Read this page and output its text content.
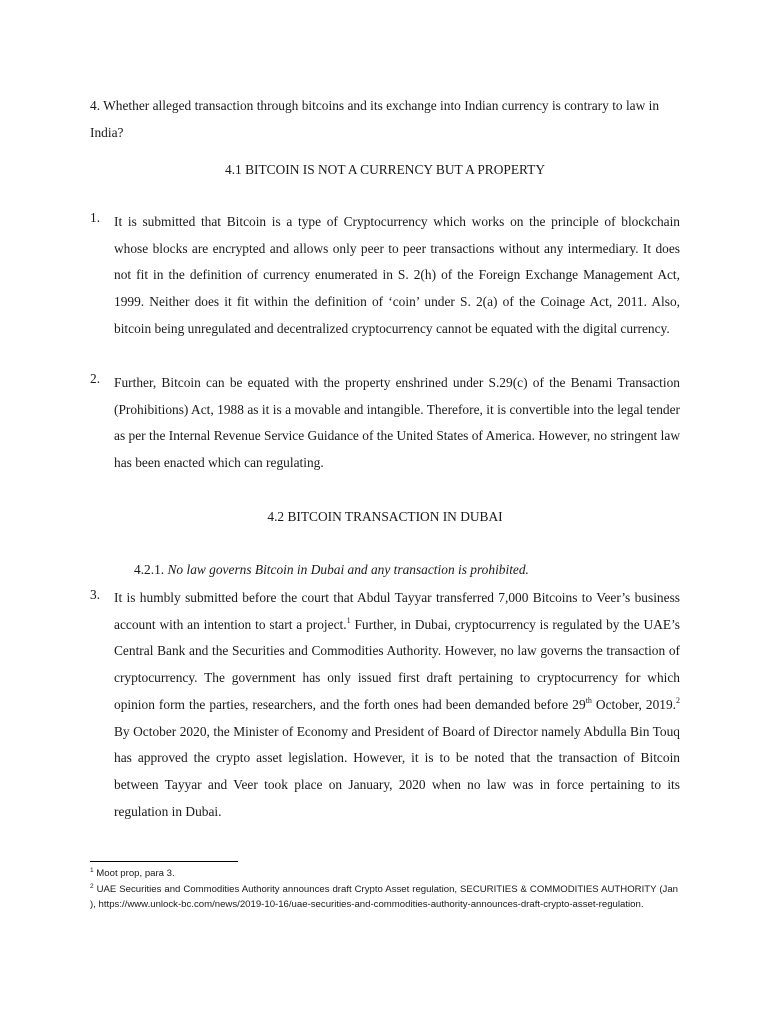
4. Whether alleged transaction through bitcoins and its exchange into Indian currency is contrary to law in India?
4.1 BITCOIN IS NOT A CURRENCY BUT A PROPERTY
1. It is submitted that Bitcoin is a type of Cryptocurrency which works on the principle of blockchain whose blocks are encrypted and allows only peer to peer transactions without any intermediary. It does not fit in the definition of currency enumerated in S. 2(h) of the Foreign Exchange Management Act, 1999. Neither does it fit within the definition of ‘coin’ under S. 2(a) of the Coinage Act, 2011. Also, bitcoin being unregulated and decentralized cryptocurrency cannot be equated with the digital currency.
2. Further, Bitcoin can be equated with the property enshrined under S.29(c) of the Benami Transaction (Prohibitions) Act, 1988 as it is a movable and intangible. Therefore, it is convertible into the legal tender as per the Internal Revenue Service Guidance of the United States of America. However, no stringent law has been enacted which can regulating.
4.2 BITCOIN TRANSACTION IN DUBAI
4.2.1. No law governs Bitcoin in Dubai and any transaction is prohibited.
3. It is humbly submitted before the court that Abdul Tayyar transferred 7,000 Bitcoins to Veer’s business account with an intention to start a project.$^1$ Further, in Dubai, cryptocurrency is regulated by the UAE’s Central Bank and the Securities and Commodities Authority. However, no law governs the transaction of cryptocurrency. The government has only issued first draft pertaining to cryptocurrency for which opinion form the parties, researchers, and the forth ones had been demanded before 29th October, 2019.$^2$ By October 2020, the Minister of Economy and President of Board of Director namely Abdulla Bin Touq has approved the crypto asset legislation. However, it is to be noted that the transaction of Bitcoin between Tayyar and Veer took place on January, 2020 when no law was in force pertaining to its regulation in Dubai.
$^1$ Moot prop, para 3.
$^2$ UAE Securities and Commodities Authority announces draft Crypto Asset regulation, SECURITIES & COMMODITIES AUTHORITY (Jan ), https://www.unlock-bc.com/news/2019-10-16/uae-securities-and-commodities-authority-announces-draft-crypto-asset-regulation.
